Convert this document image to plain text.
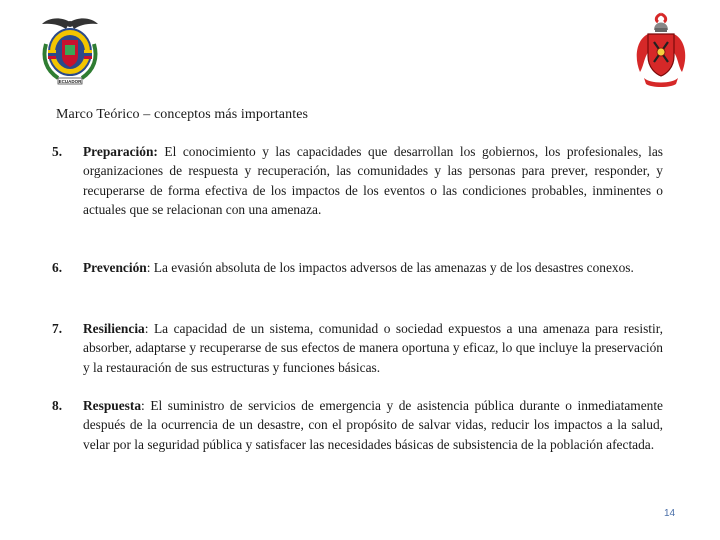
ECUADOR
Marco Teórico – conceptos más importantes
5. Preparación: El conocimiento y las capacidades que desarrollan los gobiernos, los profesionales, las organizaciones de respuesta y recuperación, las comunidades y las personas para prever, responder, y recuperarse de forma efectiva de los impactos de los eventos o las condiciones probables, inminentes o actuales que se relacionan con una amenaza.
6. Prevención: La evasión absoluta de los impactos adversos de las amenazas y de los desastres conexos.
7. Resiliencia: La capacidad de un sistema, comunidad o sociedad expuestos a una amenaza para resistir, absorber, adaptarse y recuperarse de sus efectos de manera oportuna y eficaz, lo que incluye la preservación y la restauración de sus estructuras y funciones básicas.
8. Respuesta: El suministro de servicios de emergencia y de asistencia pública durante o inmediatamente después de la ocurrencia de un desastre, con el propósito de salvar vidas, reducir los impactos a la salud, velar por la seguridad pública y satisfacer las necesidades básicas de subsistencia de la población afectada.
14
